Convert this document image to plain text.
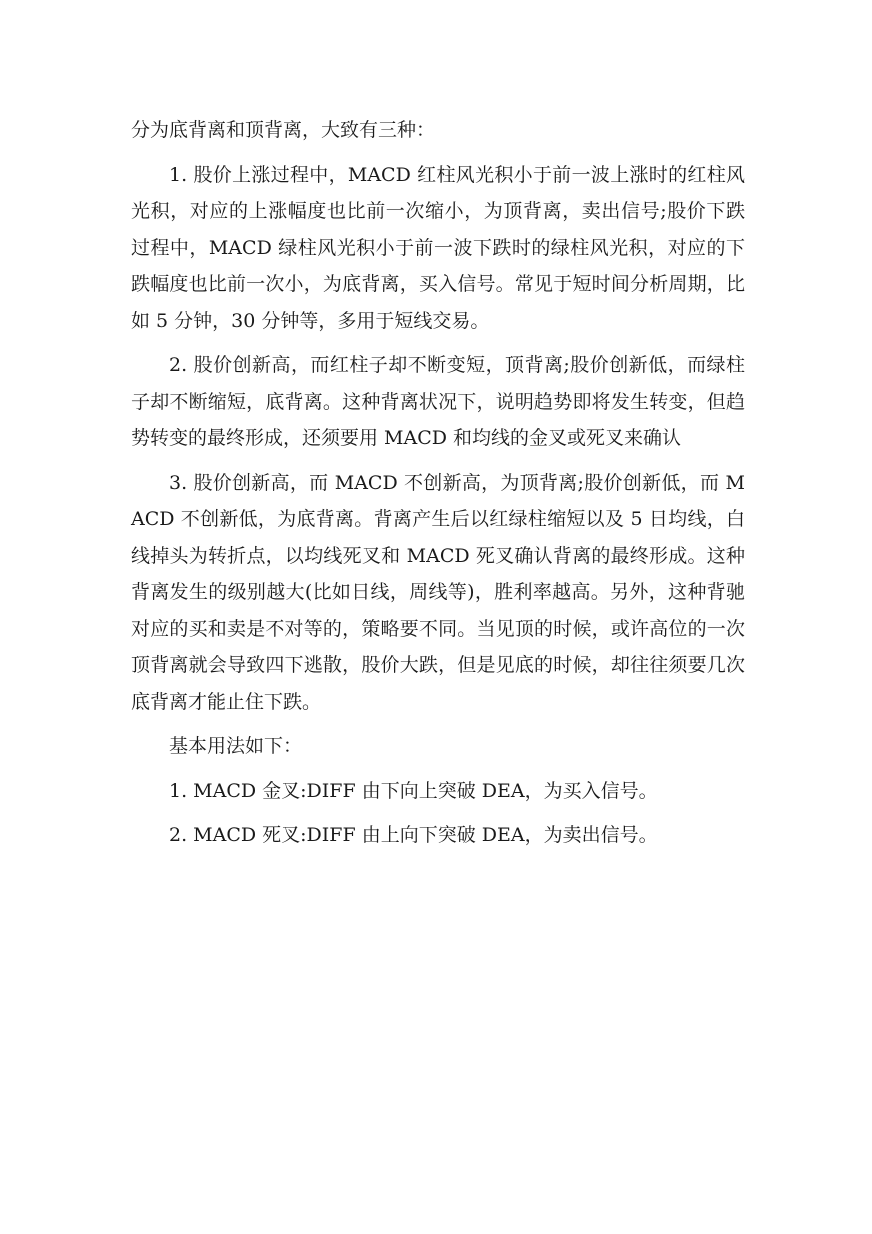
分为底背离和顶背离，大致有三种：

1. 股价上涨过程中，MACD 红柱风光积小于前一波上涨时的红柱风光积，对应的上涨幅度也比前一次缩小，为顶背离，卖出信号;股价下跌过程中，MACD 绿柱风光积小于前一波下跌时的绿柱风光积，对应的下跌幅度也比前一次小，为底背离，买入信号。常见于短时间分析周期，比如 5 分钟，30 分钟等，多用于短线交易。

2. 股价创新高，而红柱子却不断变短，顶背离;股价创新低，而绿柱子却不断缩短，底背离。这种背离状况下，说明趋势即将发生转变，但趋势转变的最终形成，还须要用 MACD 和均线的金叉或死叉来确认

3. 股价创新高，而 MACD 不创新高，为顶背离;股价创新低，而 MACD 不创新低，为底背离。背离产生后以红绿柱缩短以及 5 日均线，白线掉头为转折点，以均线死叉和 MACD 死叉确认背离的最终形成。这种背离发生的级别越大(比如日线，周线等)，胜利率越高。另外，这种背驰对应的买和卖是不对等的，策略要不同。当见顶的时候，或许高位的一次顶背离就会导致四下逃散，股价大跌，但是见底的时候，却往往须要几次底背离才能止住下跌。

基本用法如下：

1. MACD 金叉:DIFF 由下向上突破 DEA，为买入信号。

2. MACD 死叉:DIFF 由上向下突破 DEA，为卖出信号。
